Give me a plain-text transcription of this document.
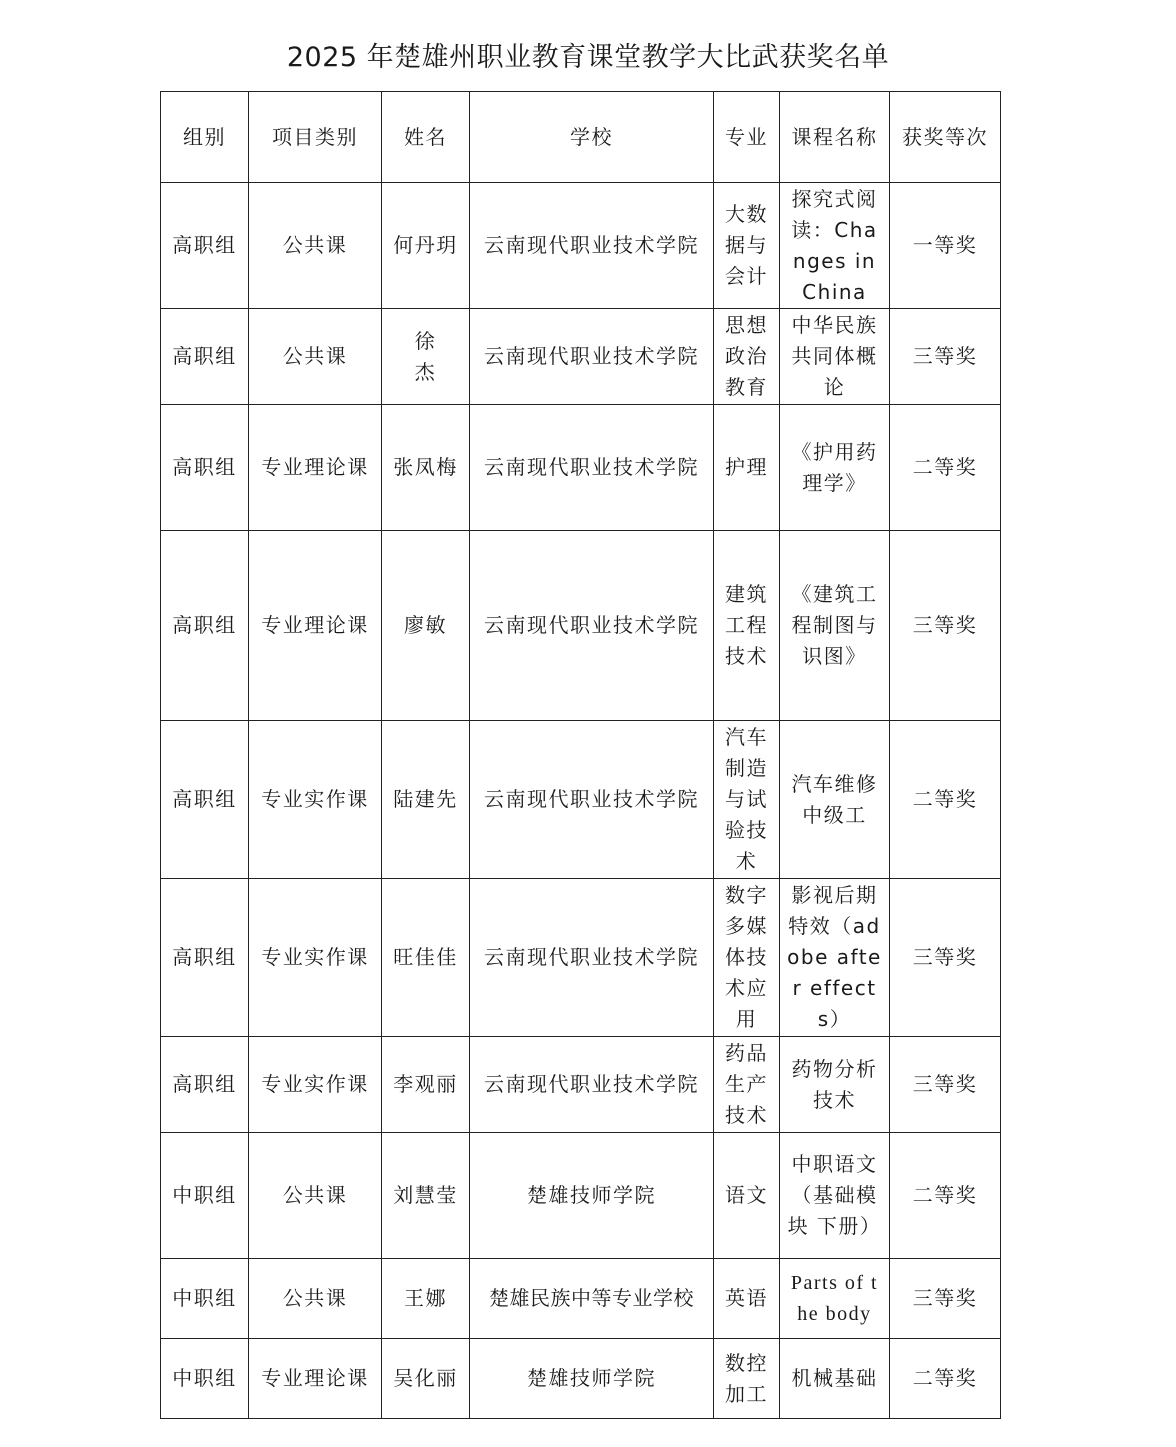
2025 年楚雄州职业教育课堂教学大比武获奖名单
组别	项目类别	姓名	学校	专业	课程名称	获奖等次
高职组	公共课	何丹玥	云南现代职业技术学院	大数据与会计	探究式阅读：Changes in China	一等奖
高职组	公共课	徐 杰	云南现代职业技术学院	思想政治教育	中华民族共同体概论	三等奖
高职组	专业理论课	张凤梅	云南现代职业技术学院	护理	《护用药理学》	二等奖
高职组	专业理论课	廖敏	云南现代职业技术学院	建筑工程技术	《建筑工程制图与识图》	三等奖
高职组	专业实作课	陆建先	云南现代职业技术学院	汽车制造与试验技术	汽车维修中级工	二等奖
高职组	专业实作课	旺佳佳	云南现代职业技术学院	数字多媒体技术应用	影视后期特效（adobe after effects）	三等奖
高职组	专业实作课	李观丽	云南现代职业技术学院	药品生产技术	药物分析技术	三等奖
中职组	公共课	刘慧莹	楚雄技师学院	语文	中职语文（基础模块 下册）	二等奖
中职组	公共课	王娜	楚雄民族中等专业学校	英语	Parts of the body	三等奖
中职组	专业理论课	吴化丽	楚雄技师学院	数控加工	机械基础	二等奖
